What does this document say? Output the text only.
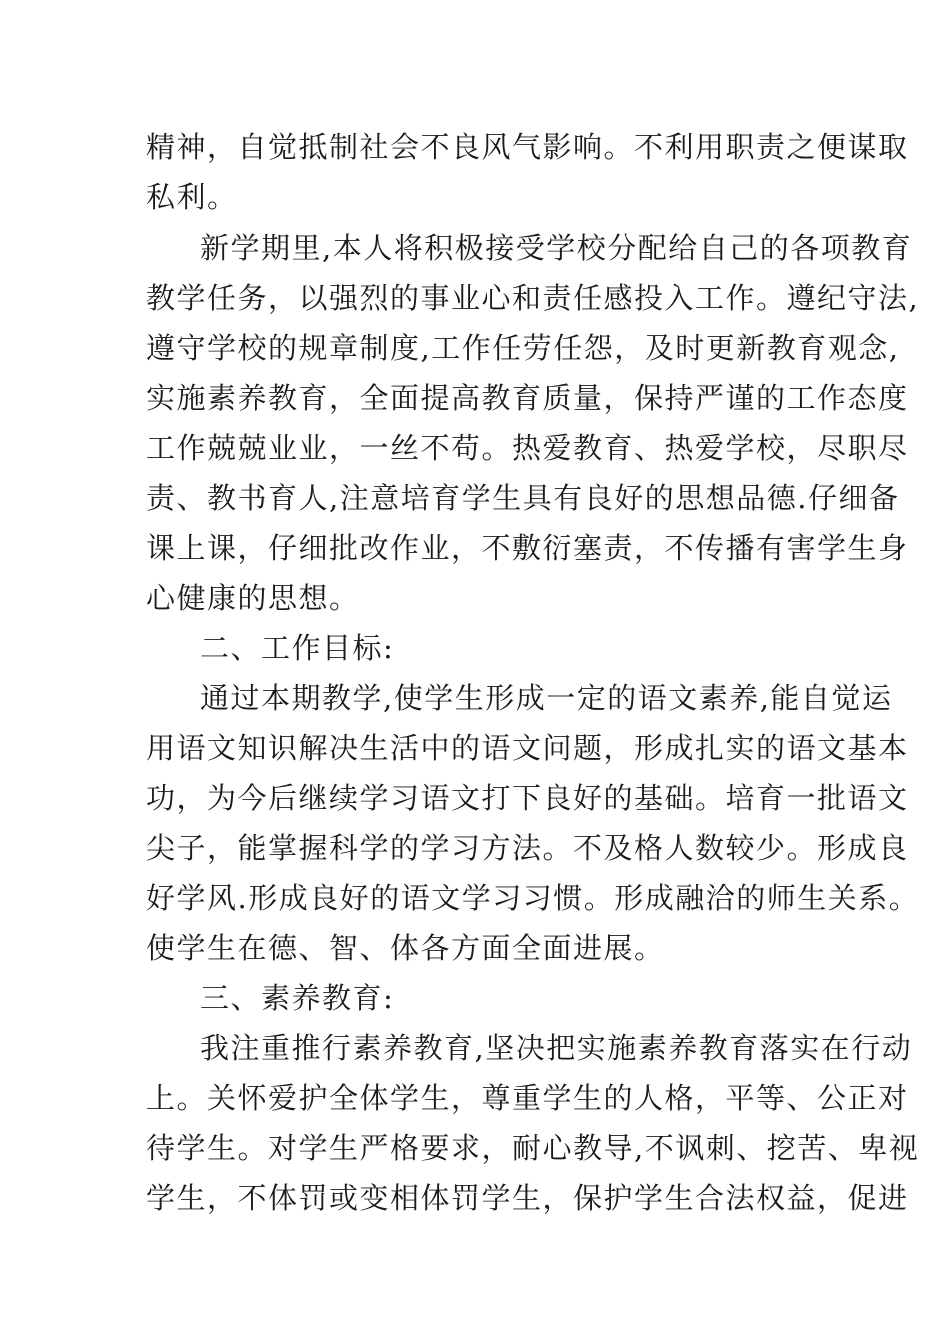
精神，自觉抵制社会不良风气影响。不利用职责之便谋取
私利。
新学期里,本人将积极接受学校分配给自己的各项教育
教学任务，以强烈的事业心和责任感投入工作。遵纪守法,
遵守学校的规章制度,工作任劳任怨，及时更新教育观念,
实施素养教育，全面提高教育质量，保持严谨的工作态度
工作兢兢业业，一丝不苟。热爱教育、热爱学校，尽职尽
责、教书育人,注意培育学生具有良好的思想品德.仔细备
课上课，仔细批改作业，不敷衍塞责，不传播有害学生身
心健康的思想。
二、工作目标:
通过本期教学,使学生形成一定的语文素养,能自觉运
用语文知识解决生活中的语文问题，形成扎实的语文基本
功，为今后继续学习语文打下良好的基础。培育一批语文
尖子，能掌握科学的学习方法。不及格人数较少。形成良
好学风.形成良好的语文学习习惯。形成融洽的师生关系。
使学生在德、智、体各方面全面进展。
三、素养教育:
我注重推行素养教育,坚决把实施素养教育落实在行动
上。关怀爱护全体学生，尊重学生的人格，平等、公正对
待学生。对学生严格要求，耐心教导,不讽刺、挖苦、卑视
学生，不体罚或变相体罚学生，保护学生合法权益，促进
